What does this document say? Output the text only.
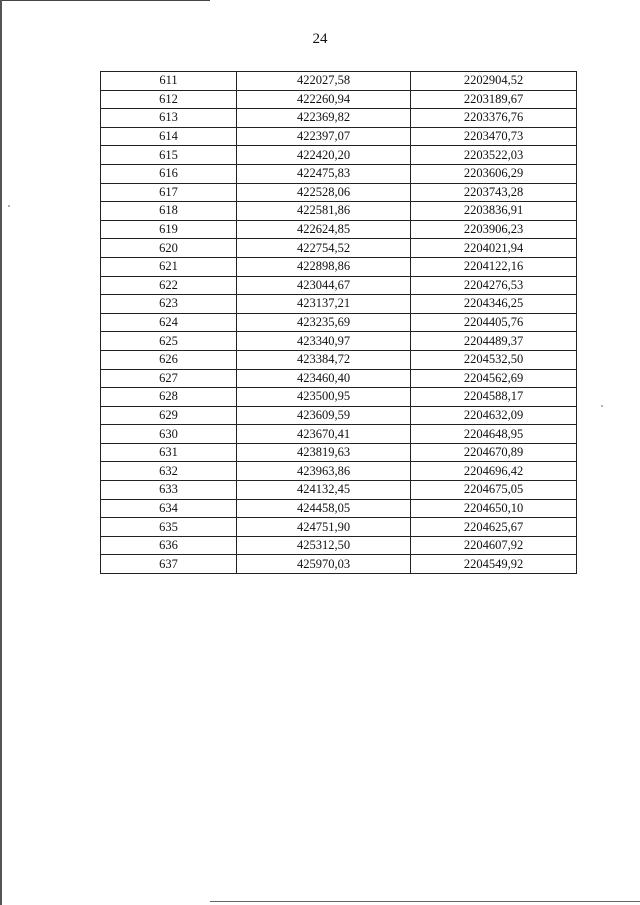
24
611	422027,58	2202904,52
612	422260,94	2203189,67
613	422369,82	2203376,76
614	422397,07	2203470,73
615	422420,20	2203522,03
616	422475,83	2203606,29
617	422528,06	2203743,28
618	422581,86	2203836,91
619	422624,85	2203906,23
620	422754,52	2204021,94
621	422898,86	2204122,16
622	423044,67	2204276,53
623	423137,21	2204346,25
624	423235,69	2204405,76
625	423340,97	2204489,37
626	423384,72	2204532,50
627	423460,40	2204562,69
628	423500,95	2204588,17
629	423609,59	2204632,09
630	423670,41	2204648,95
631	423819,63	2204670,89
632	423963,86	2204696,42
633	424132,45	2204675,05
634	424458,05	2204650,10
635	424751,90	2204625,67
636	425312,50	2204607,92
637	425970,03	2204549,92
